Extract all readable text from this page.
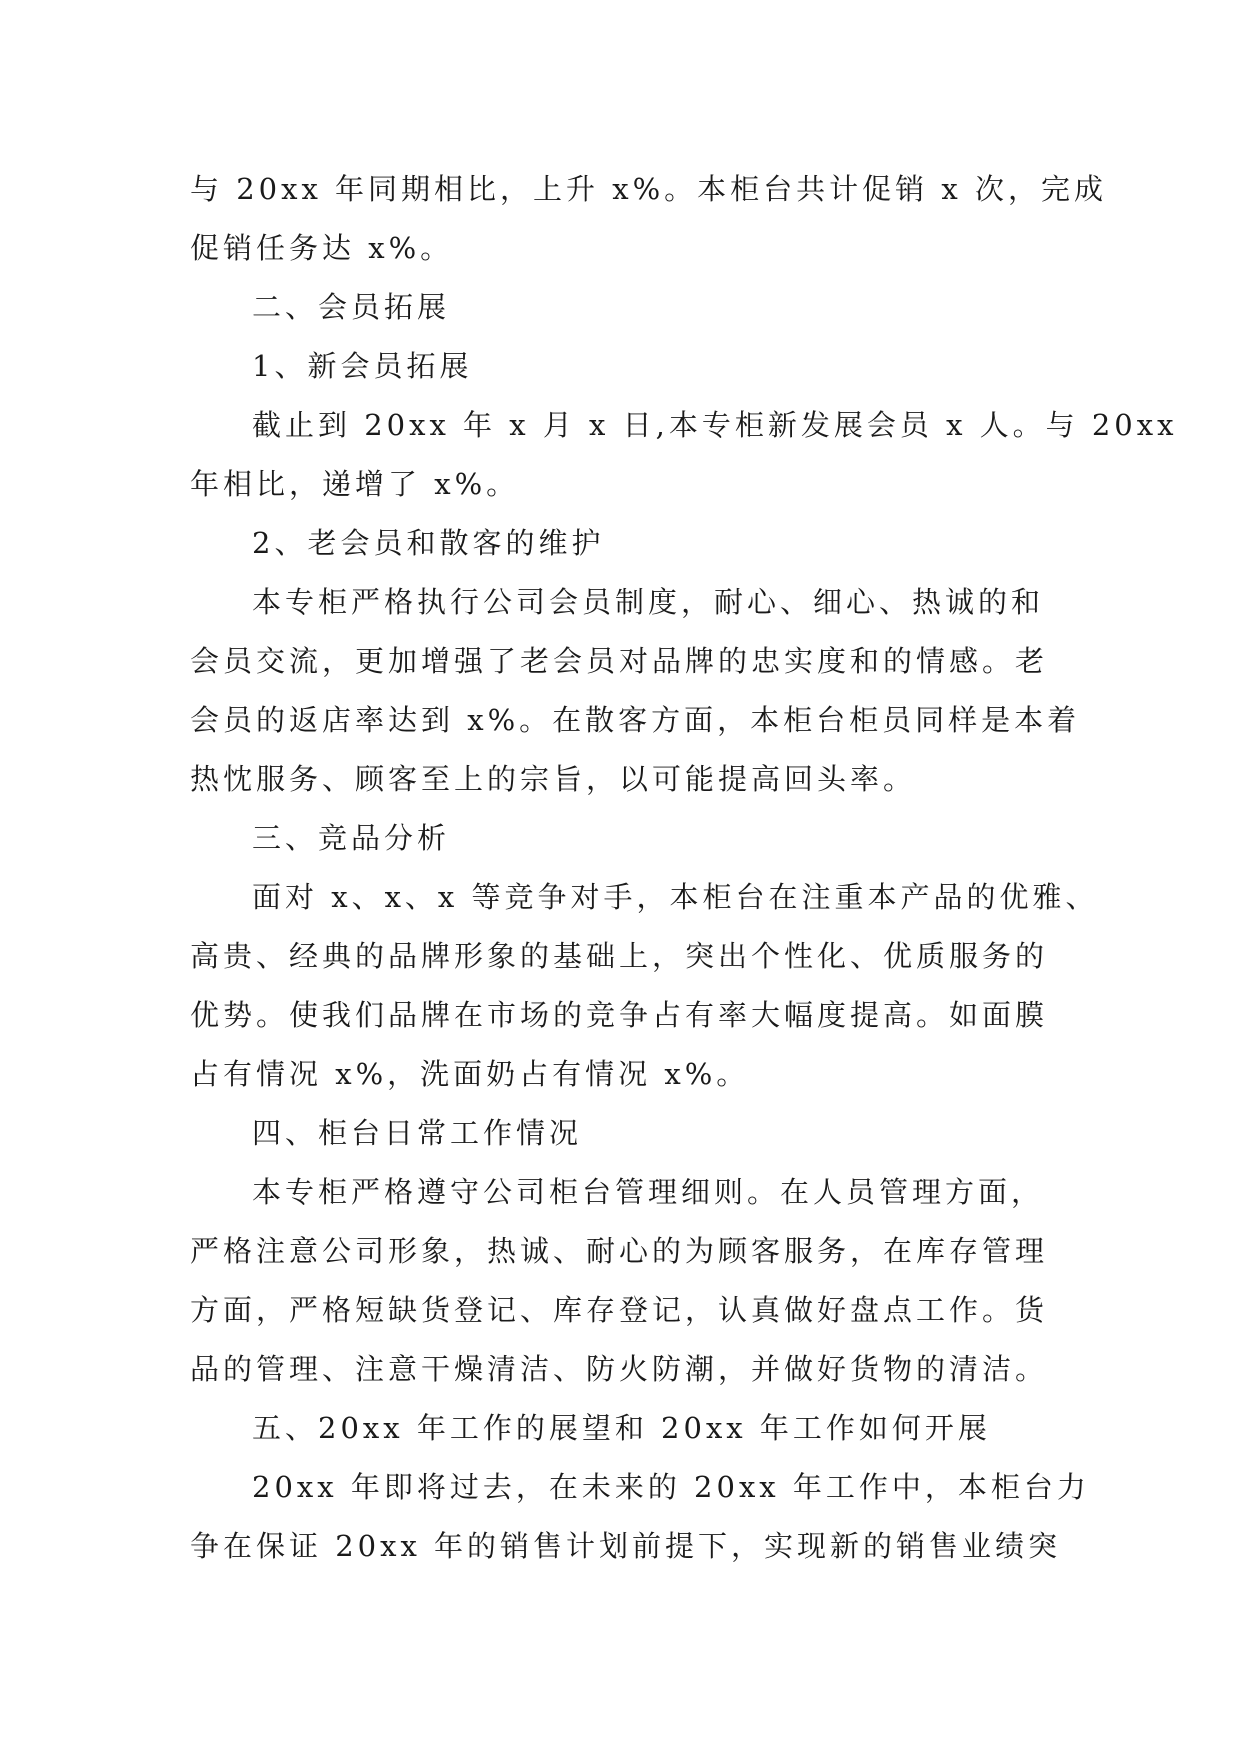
与 20xx 年同期相比，上升 x%。本柜台共计促销 x 次，完成

促销任务达 x%。

二、会员拓展

1、新会员拓展

截止到 20xx 年 x 月 x 日,本专柜新发展会员 x 人。与 20xx

年相比，递增了 x%。

2、老会员和散客的维护

本专柜严格执行公司会员制度，耐心、细心、热诚的和

会员交流，更加增强了老会员对品牌的忠实度和的情感。老

会员的返店率达到 x%。在散客方面，本柜台柜员同样是本着

热忱服务、顾客至上的宗旨，以可能提高回头率。

三、竞品分析

面对 x、x、x 等竞争对手，本柜台在注重本产品的优雅、

高贵、经典的品牌形象的基础上，突出个性化、优质服务的

优势。使我们品牌在市场的竞争占有率大幅度提高。如面膜

占有情况 x%，洗面奶占有情况 x%。

四、柜台日常工作情况

本专柜严格遵守公司柜台管理细则。在人员管理方面，

严格注意公司形象，热诚、耐心的为顾客服务，在库存管理

方面，严格短缺货登记、库存登记，认真做好盘点工作。货

品的管理、注意干燥清洁、防火防潮，并做好货物的清洁。

五、20xx 年工作的展望和 20xx 年工作如何开展

20xx 年即将过去，在未来的 20xx 年工作中，本柜台力

争在保证 20xx 年的销售计划前提下，实现新的销售业绩突
